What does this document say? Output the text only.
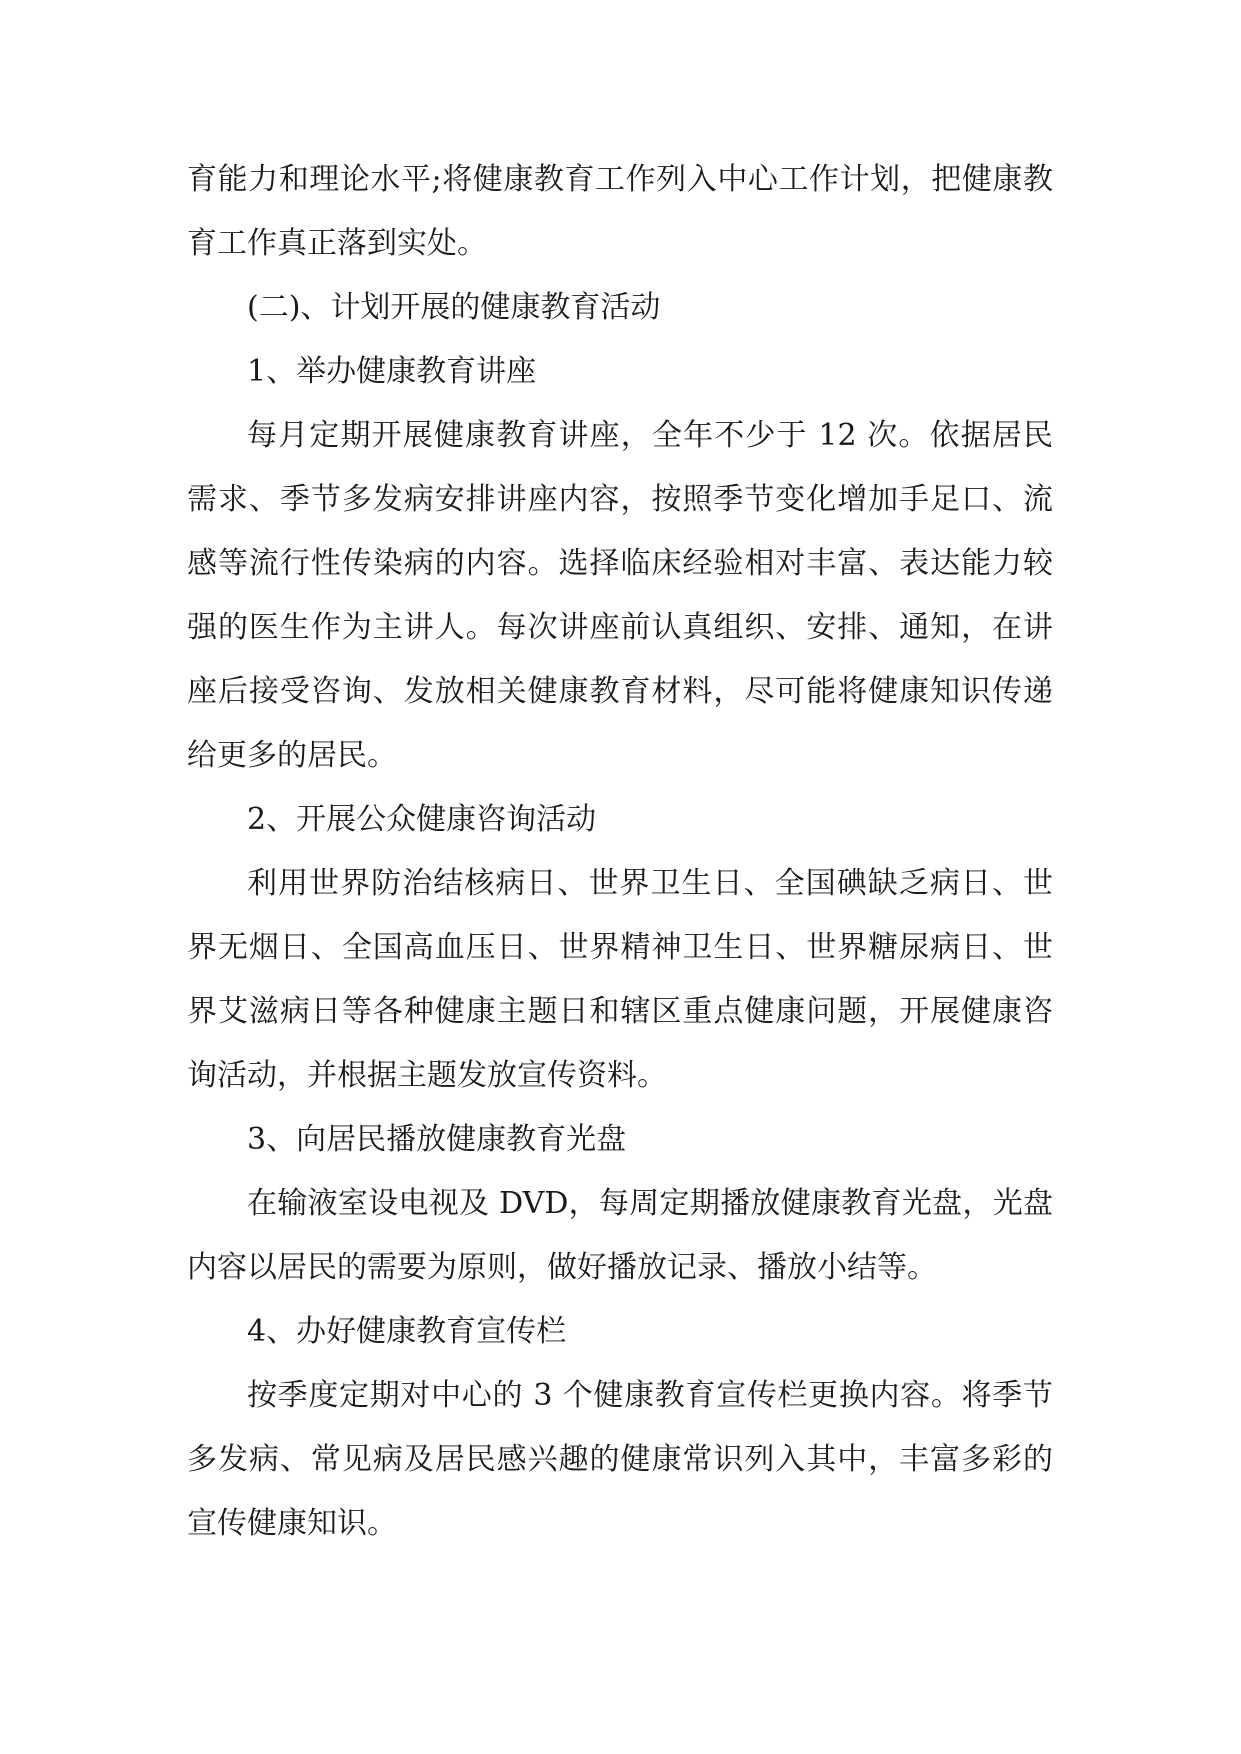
育能力和理论水平;将健康教育工作列入中心工作计划，把健康教育工作真正落到实处。

(二)、计划开展的健康教育活动

1、举办健康教育讲座

每月定期开展健康教育讲座，全年不少于 12 次。依据居民需求、季节多发病安排讲座内容，按照季节变化增加手足口、流感等流行性传染病的内容。选择临床经验相对丰富、表达能力较强的医生作为主讲人。每次讲座前认真组织、安排、通知，在讲座后接受咨询、发放相关健康教育材料，尽可能将健康知识传递给更多的居民。

2、开展公众健康咨询活动

利用世界防治结核病日、世界卫生日、全国碘缺乏病日、世界无烟日、全国高血压日、世界精神卫生日、世界糖尿病日、世界艾滋病日等各种健康主题日和辖区重点健康问题，开展健康咨询活动，并根据主题发放宣传资料。

3、向居民播放健康教育光盘

在输液室设电视及 DVD，每周定期播放健康教育光盘，光盘内容以居民的需要为原则，做好播放记录、播放小结等。

4、办好健康教育宣传栏

按季度定期对中心的 3 个健康教育宣传栏更换内容。将季节多发病、常见病及居民感兴趣的健康常识列入其中，丰富多彩的宣传健康知识。
